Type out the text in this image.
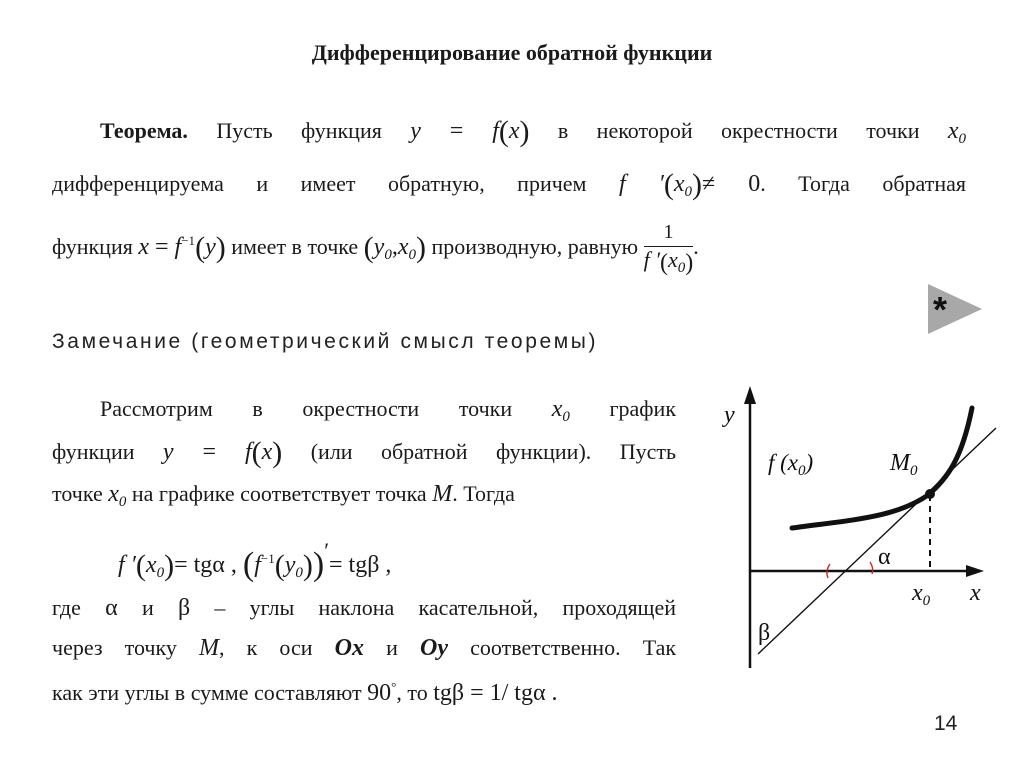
Дифференцирование обратной функции
Теорема. Пусть функция y = f(x) в некоторой окрестности точки $x_0$
дифференцируема и имеет обратную, причем f $'(x_0)\ne 0$. Тогда обратная
функция $x = f^{-1}(y)$ имеет в точке $(y_0,x_0)$ производную, равную $\frac{1}{f '(x_0)}$ .
*
Замечание (геометрический смысл теоремы)
Рассмотрим в окрестности точки $x_0$ график
функции y = f(x) (или обратной функции). Пусть
точке $x_0$ на графике соответствует точка M. Тогда
f $'(x_0)= tg\alpha$ , $(f^{-1}(y_0))'= tg\beta$ ,
где α и β – углы наклона касательной, проходящей
через точку M, к оси Ox и Oy соответственно. Так
как эти углы в сумме составляют 90°, то tgβ = 1/ tgα .
y
x
f $(x_0)$	$M_0$
$x_0$
α
β
14
